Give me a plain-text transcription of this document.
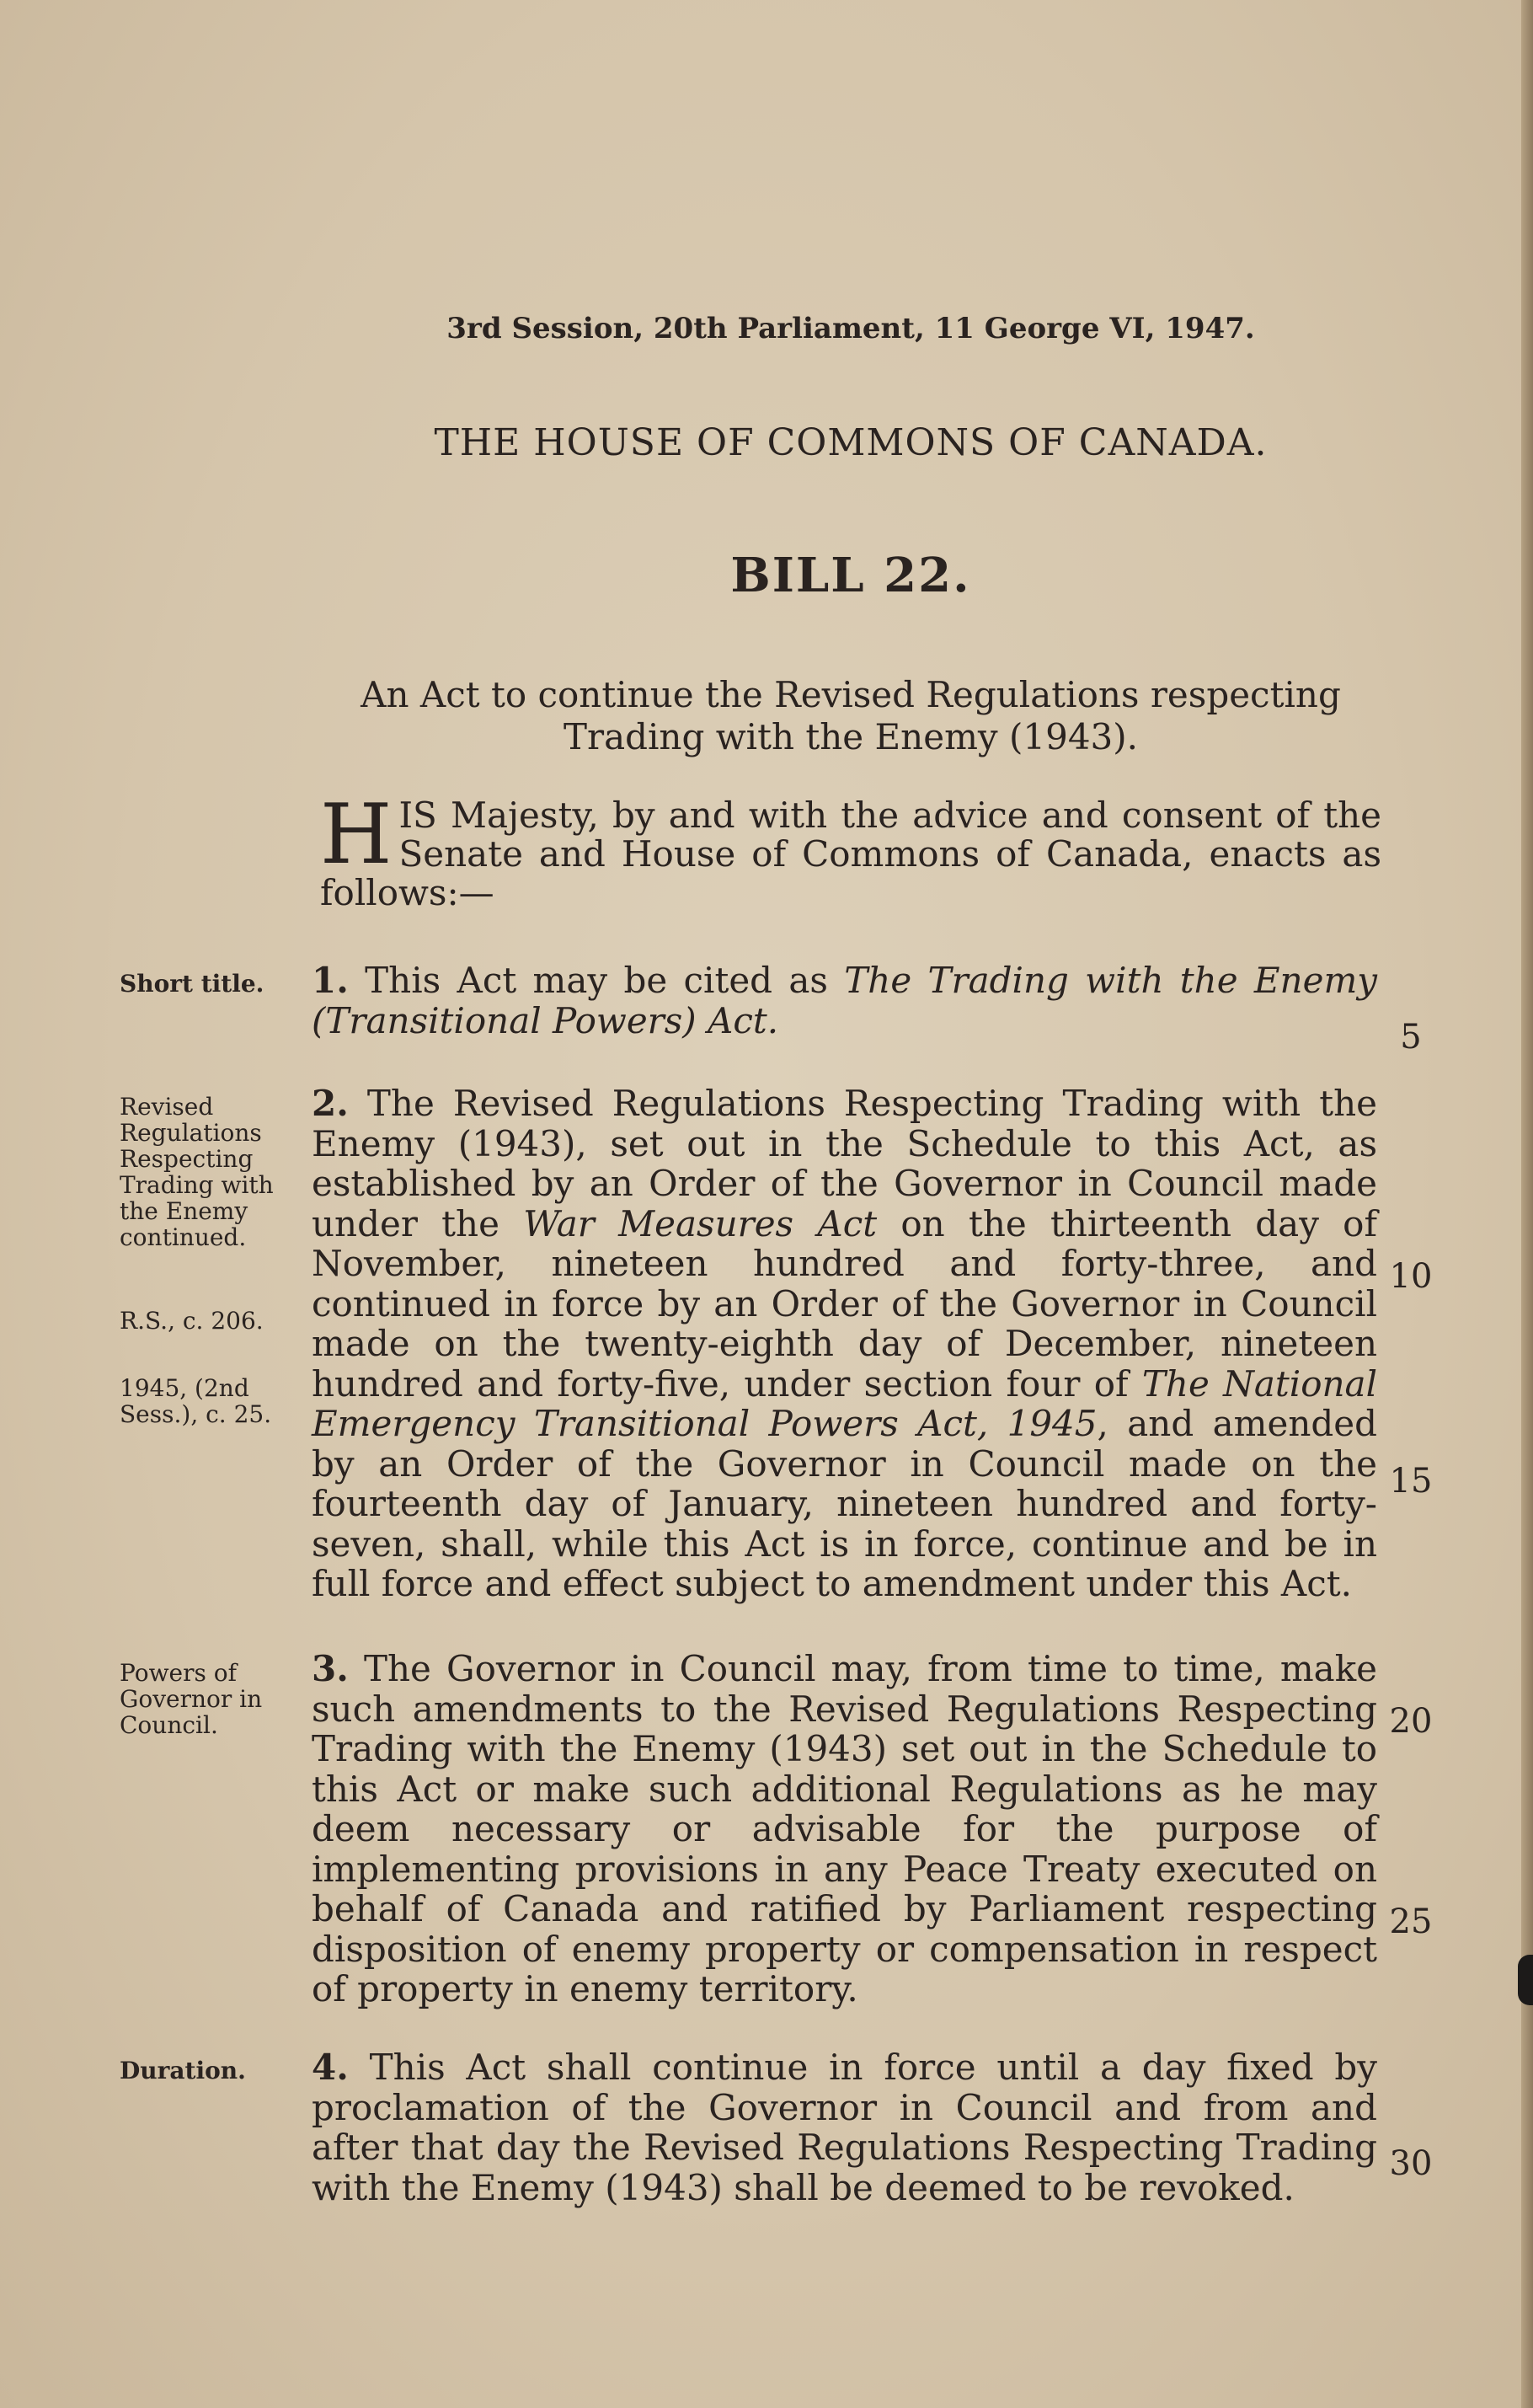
3rd Session, 20th Parliament, 11 George VI, 1947.
THE HOUSE OF COMMONS OF CANADA.
BILL 22.
An Act to continue the Revised Regulations respecting
Trading with the Enemy (1943).
HIS Majesty, by and with the advice and consent of the Senate and House of Commons of Canada, enacts as follows:—
Short title.	1. This Act may be cited as The Trading with the Enemy (Transitional Powers) Act.	5
Revised Regulations Respecting Trading with the Enemy continued.
R.S., c. 206.
1945, (2nd Sess.), c. 25.
2. The Revised Regulations Respecting Trading with the Enemy (1943), set out in the Schedule to this Act, as established by an Order of the Governor in Council made under the War Measures Act on the thirteenth day of November, nineteen hundred and forty-three, and continued in force by an Order of the Governor in Council made on the twenty-eighth day of December, nineteen hundred and forty-five, under section four of The National Emergency Transitional Powers Act, 1945, and amended by an Order of the Governor in Council made on the fourteenth day of January, nineteen hundred and forty-seven, shall, while this Act is in force, continue and be in full force and effect subject to amendment under this Act.
10
15
Powers of Governor in Council.
3. The Governor in Council may, from time to time, make such amendments to the Revised Regulations Respecting Trading with the Enemy (1943) set out in the Schedule to this Act or make such additional Regulations as he may deem necessary or advisable for the purpose of implementing provisions in any Peace Treaty executed on behalf of Canada and ratified by Parliament respecting disposition of enemy property or compensation in respect of property in enemy territory.
20
25
Duration.	4. This Act shall continue in force until a day fixed by proclamation of the Governor in Council and from and after that day the Revised Regulations Respecting Trading with the Enemy (1943) shall be deemed to be revoked.
30
